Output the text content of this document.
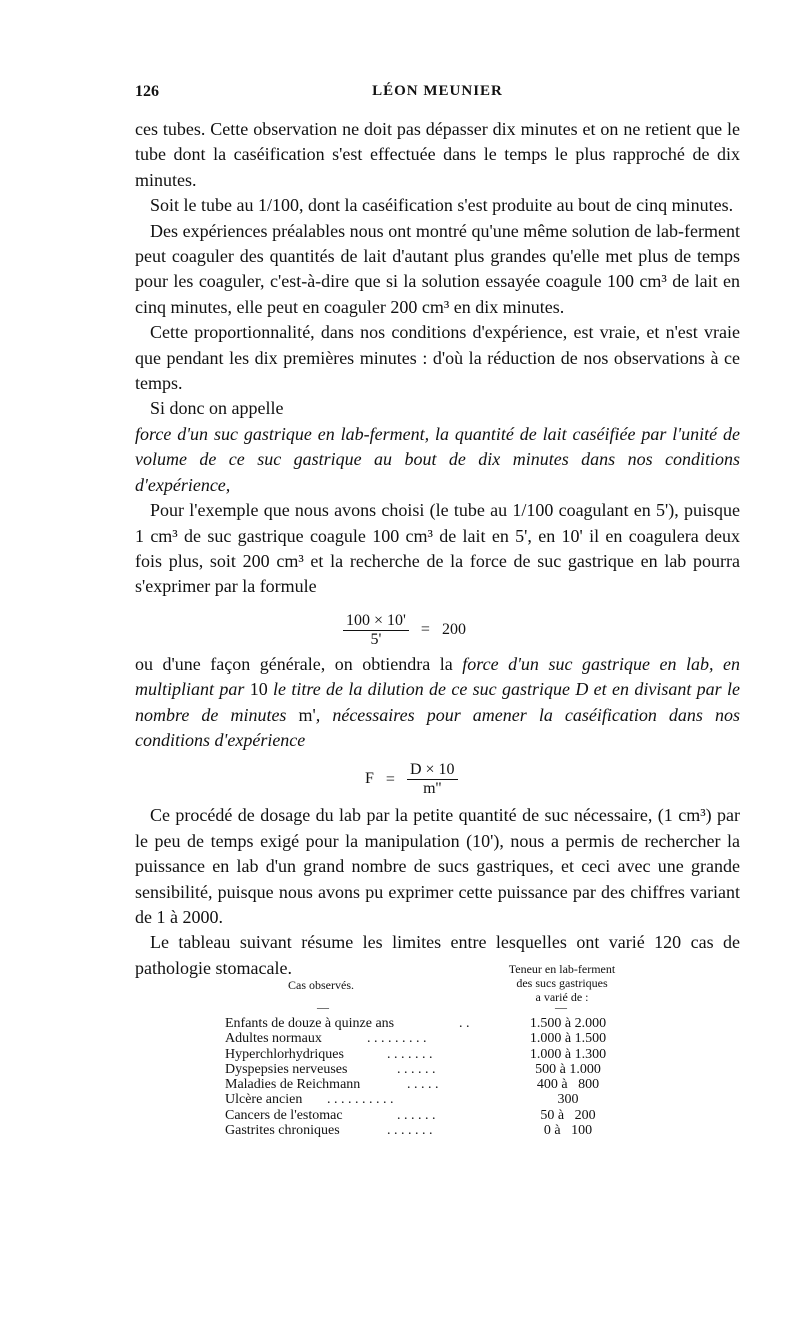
126	LÉON MEUNIER

ces tubes. Cette observation ne doit pas dépasser dix minutes et on ne retient que le tube dont la caséification s'est effectuée dans le temps le plus rapproché de dix minutes.

Soit le tube au 1/100, dont la caséification s'est produite au bout de cinq minutes.

Des expériences préalables nous ont montré qu'une même solution de lab-ferment peut coaguler des quantités de lait d'autant plus grandes qu'elle met plus de temps pour les coaguler, c'est-à-dire que si la solution essayée coagule 100 cm³ de lait en cinq minutes, elle peut en coaguler 200 cm³ en dix minutes.

Cette proportionnalité, dans nos conditions d'expérience, est vraie, et n'est vraie que pendant les dix premières minutes : d'où la réduction de nos observations à ce temps.

Si donc on appelle

force d'un suc gastrique en lab-ferment, la quantité de lait caséifiée par l'unité de volume de ce suc gastrique au bout de dix minutes dans nos conditions d'expérience,

Pour l'exemple que nous avons choisi (le tube au 1/100 coagulant en 5'), puisque 1 cm³ de suc gastrique coagule 100 cm³ de lait en 5', en 10' il en coagulera deux fois plus, soit 200 cm³ et la recherche de la force de suc gastrique en lab pourra s'exprimer par la formule

$\frac{100 \times 10'}{5'} = 200$

ou d'une façon générale, on obtiendra la force d'un suc gastrique en lab, en multipliant par 10 le titre de la dilution de ce suc gastrique D et en divisant par le nombre de minutes m', nécessaires pour amener la caséification dans nos conditions d'expérience

$F = \frac{D \times 10}{m''}$

Ce procédé de dosage du lab par la petite quantité de suc nécessaire, (1 cm³) par le peu de temps exigé pour la manipulation (10'), nous a permis de rechercher la puissance en lab d'un grand nombre de sucs gastriques, et ceci avec une grande sensibilité, puisque nous avons pu exprimer cette puissance par des chiffres variant de 1 à 2000.

Le tableau suivant résume les limites entre lesquelles ont varié 120 cas de pathologie stomacale.

Cas observés.
Teneur en lab-ferment
des sucs gastriques
a varié de :
—	—
Enfants de douze à quinze ans	. .	1.500 à 2.000
Adultes normaux	. . . . . . . . .	1.000 à 1.500
Hyperchlorhydriques	. . . . . . .	1.000 à 1.300
Dyspepsies nerveuses	. . . . . .	500 à 1.000
Maladies de Reichmann	. . . . .	400 à   800
Ulcère ancien . . . . . . . . . .	300
Cancers de l'estomac	. . . . . .	50 à   200
Gastrites chroniques	. . . . . . .	0 à   100
